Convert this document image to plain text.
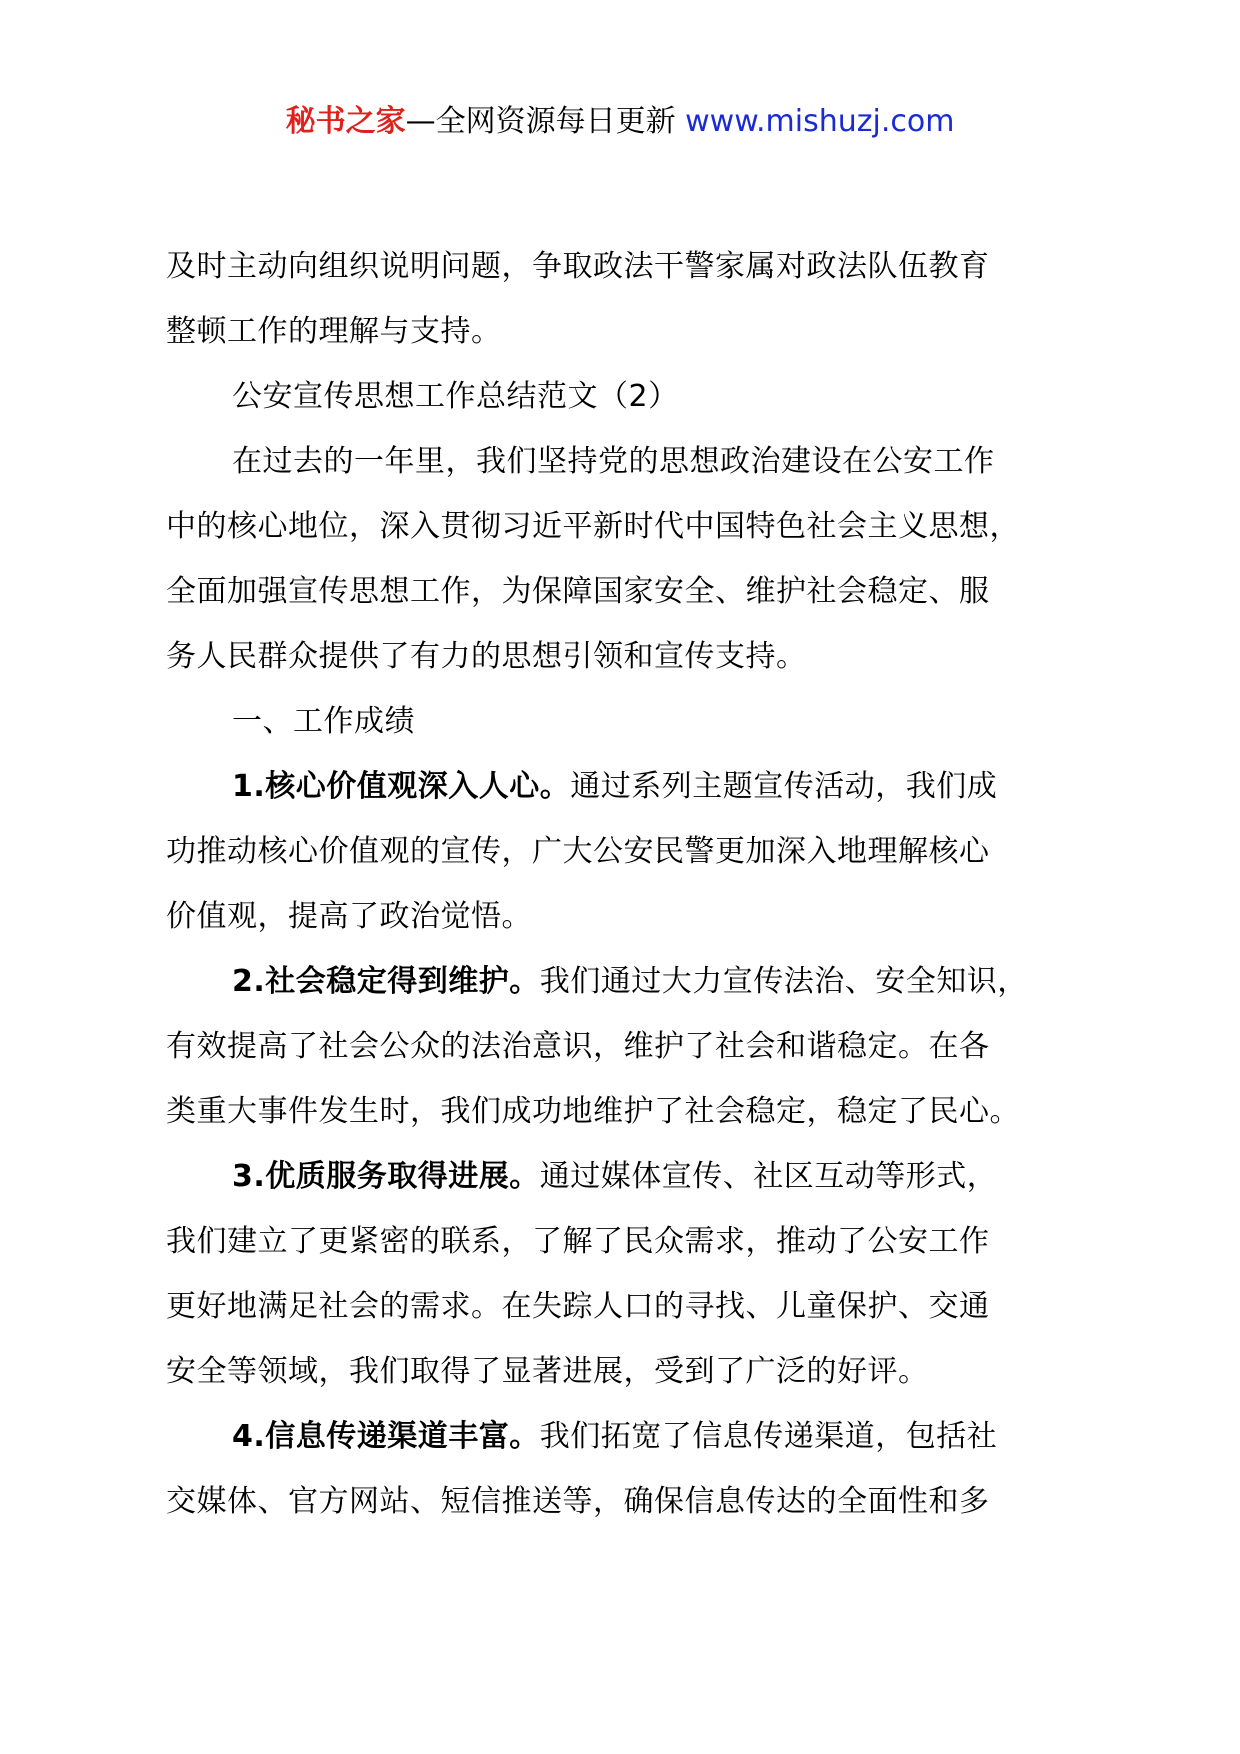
秘书之家—全网资源每日更新 www.mishuzj.com
及时主动向组织说明问题，争取政法干警家属对政法队伍教育
整顿工作的理解与支持。
公安宣传思想工作总结范文（2）
在过去的一年里，我们坚持党的思想政治建设在公安工作
中的核心地位，深入贯彻习近平新时代中国特色社会主义思想，
全面加强宣传思想工作，为保障国家安全、维护社会稳定、服
务人民群众提供了有力的思想引领和宣传支持。
一、工作成绩
1.核心价值观深入人心。通过系列主题宣传活动，我们成
功推动核心价值观的宣传，广大公安民警更加深入地理解核心
价值观，提高了政治觉悟。
2.社会稳定得到维护。我们通过大力宣传法治、安全知识，
有效提高了社会公众的法治意识，维护了社会和谐稳定。在各
类重大事件发生时，我们成功地维护了社会稳定，稳定了民心。
3.优质服务取得进展。通过媒体宣传、社区互动等形式，
我们建立了更紧密的联系，了解了民众需求，推动了公安工作
更好地满足社会的需求。在失踪人口的寻找、儿童保护、交通
安全等领域，我们取得了显著进展，受到了广泛的好评。
4.信息传递渠道丰富。我们拓宽了信息传递渠道，包括社
交媒体、官方网站、短信推送等，确保信息传达的全面性和多
